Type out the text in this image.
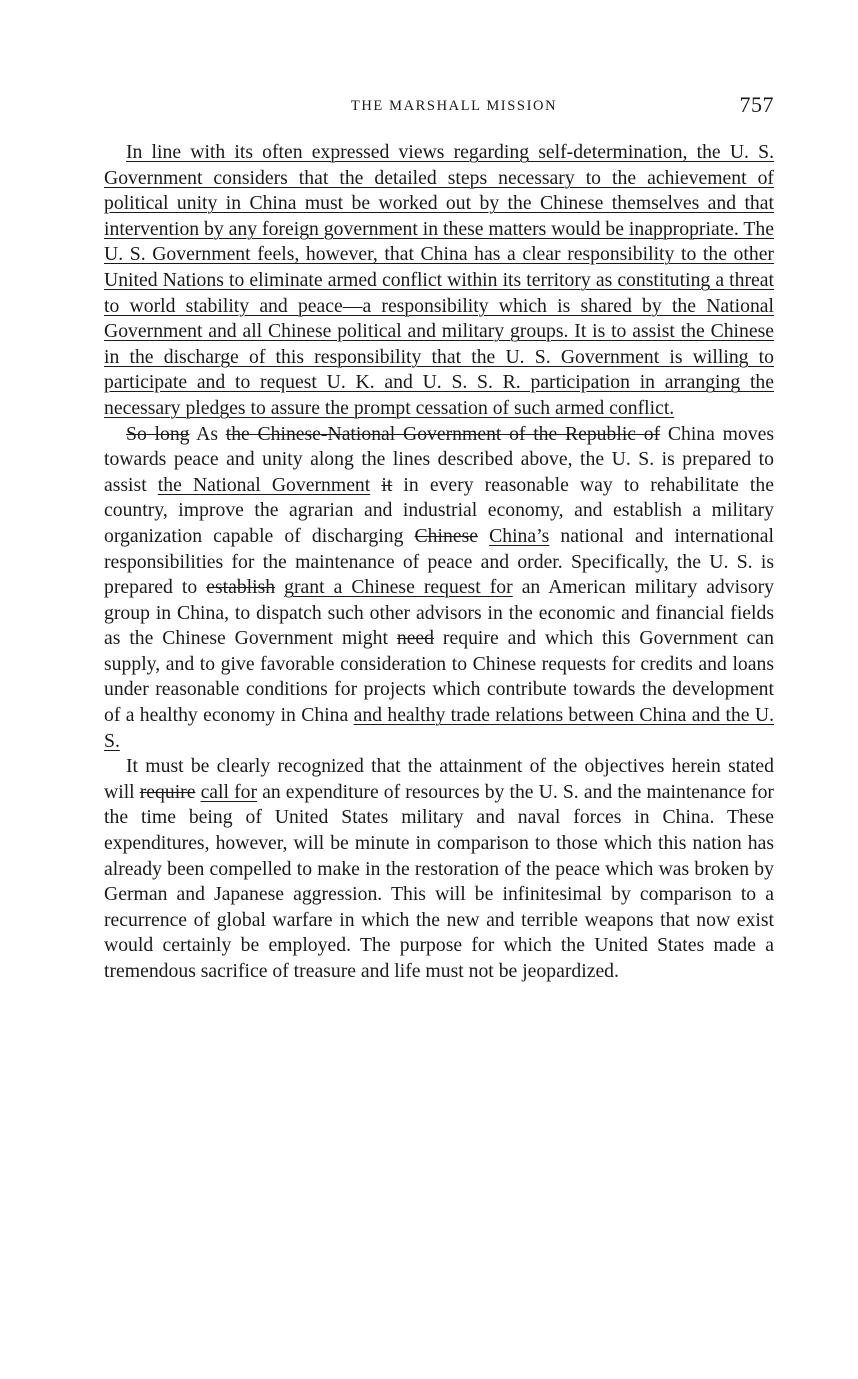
THE MARSHALL MISSION	757

In line with its often expressed views regarding self-determination, the U. S. Government considers that the detailed steps necessary to the achievement of political unity in China must be worked out by the Chinese themselves and that intervention by any foreign government in these matters would be inappropriate. The U. S. Government feels, however, that China has a clear responsibility to the other United Nations to eliminate armed conflict within its territory as constituting a threat to world stability and peace—a responsibility which is shared by the National Government and all Chinese political and military groups. It is to assist the Chinese in the discharge of this responsibility that the U. S. Government is willing to participate and to request U. K. and U. S. S. R. participation in arranging the necessary pledges to assure the prompt cessation of such armed conflict.

So long As the Chinese-National Government of the Republic of China moves towards peace and unity along the lines described above, the U. S. is prepared to assist the National Government it in every reasonable way to rehabilitate the country, improve the agrarian and industrial economy, and establish a military organization capable of discharging Chinese China’s national and international responsibilities for the maintenance of peace and order. Specifically, the U. S. is prepared to establish grant a Chinese request for an American military advisory group in China, to dispatch such other advisors in the economic and financial fields as the Chinese Government might need require and which this Government can supply, and to give favorable consideration to Chinese requests for credits and loans under reasonable conditions for projects which contribute towards the development of a healthy economy in China and healthy trade relations between China and the U. S.

It must be clearly recognized that the attainment of the objectives herein stated will require call for an expenditure of resources by the U. S. and the maintenance for the time being of United States military and naval forces in China. These expenditures, however, will be minute in comparison to those which this nation has already been compelled to make in the restoration of the peace which was broken by German and Japanese aggression. This will be infinitesimal by comparison to a recurrence of global warfare in which the new and terrible weapons that now exist would certainly be employed. The purpose for which the United States made a tremendous sacrifice of treasure and life must not be jeopardized.
